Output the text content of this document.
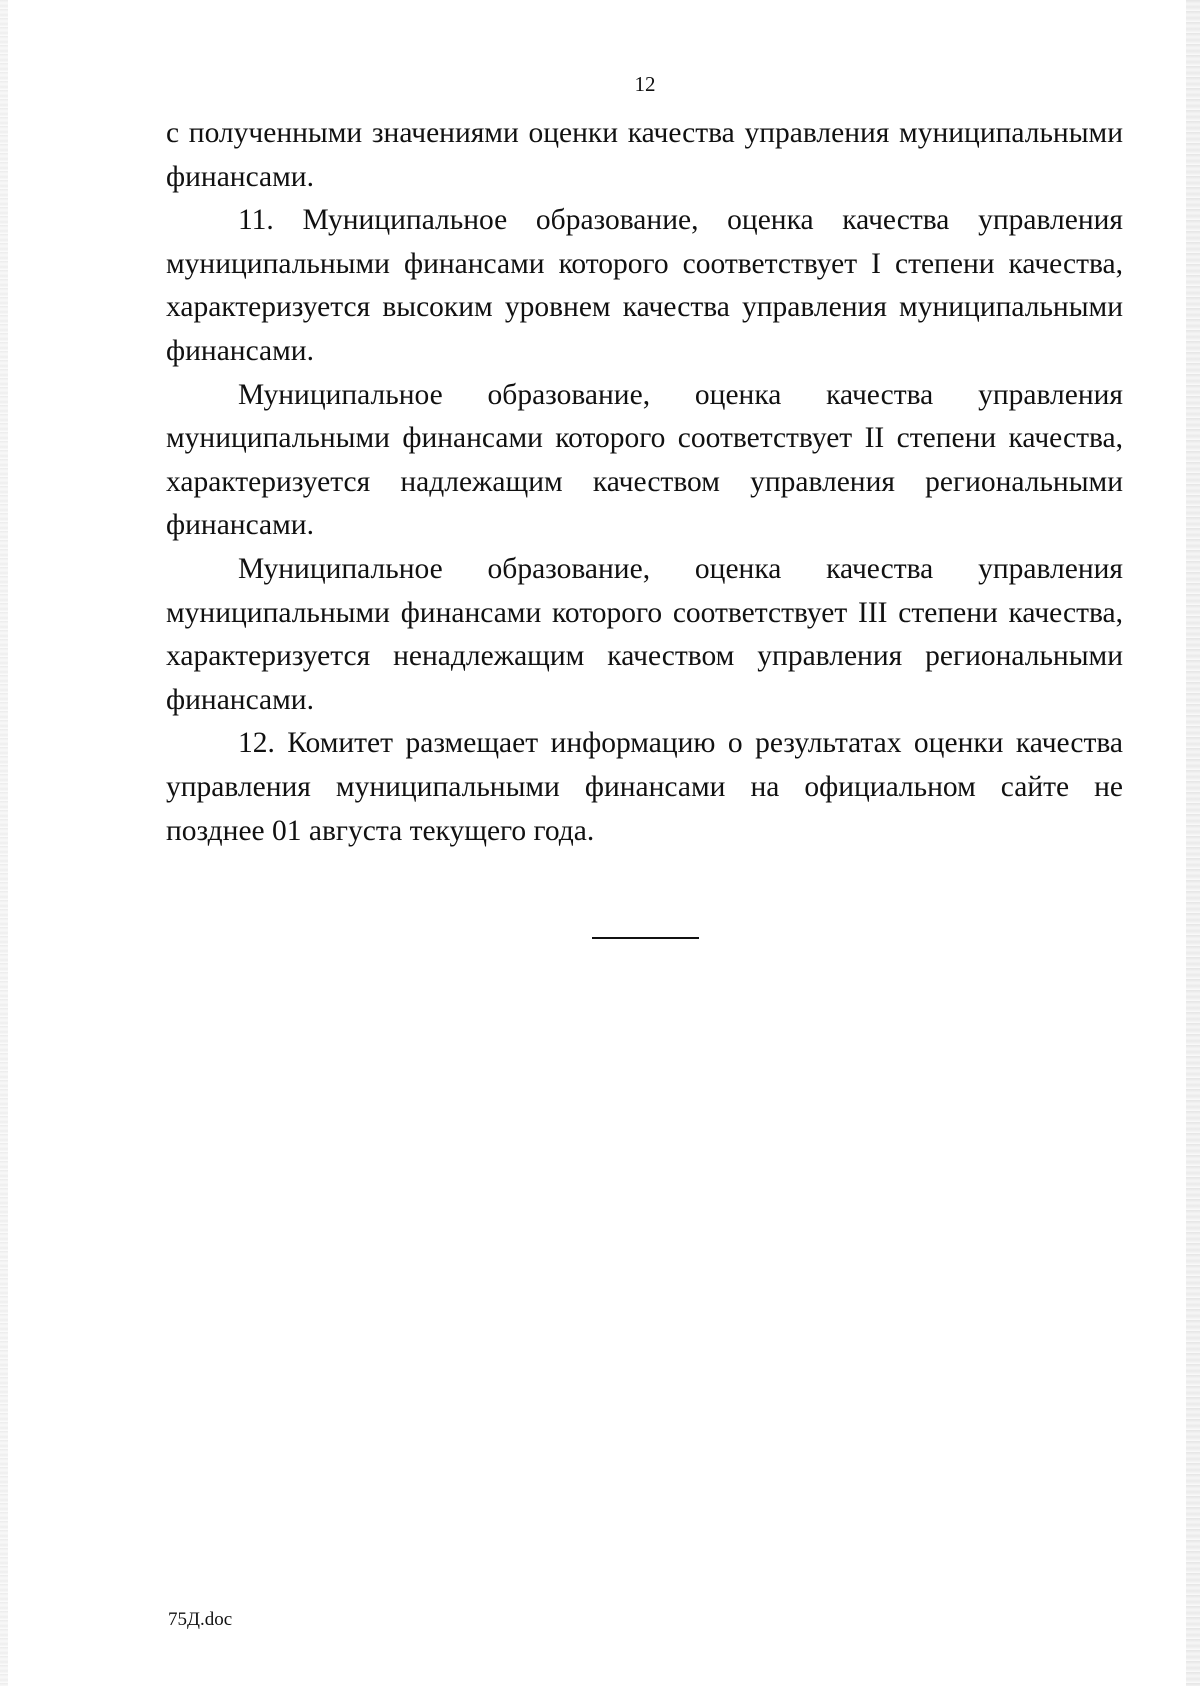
12

с полученными значениями оценки качества управления муниципальными финансами.

11. Муниципальное образование, оценка качества управления муниципальными финансами которого соответствует I степени качества, характеризуется высоким уровнем качества управления муниципальными финансами.

Муниципальное образование, оценка качества управления муниципальными финансами которого соответствует II степени качества, характеризуется надлежащим качеством управления региональными финансами.

Муниципальное образование, оценка качества управления муниципальными финансами которого соответствует III степени качества, характеризуется ненадлежащим качеством управления региональными финансами.

12. Комитет размещает информацию о результатах оценки качества управления муниципальными финансами на официальном сайте не позднее 01 августа текущего года.

75Д.doc
